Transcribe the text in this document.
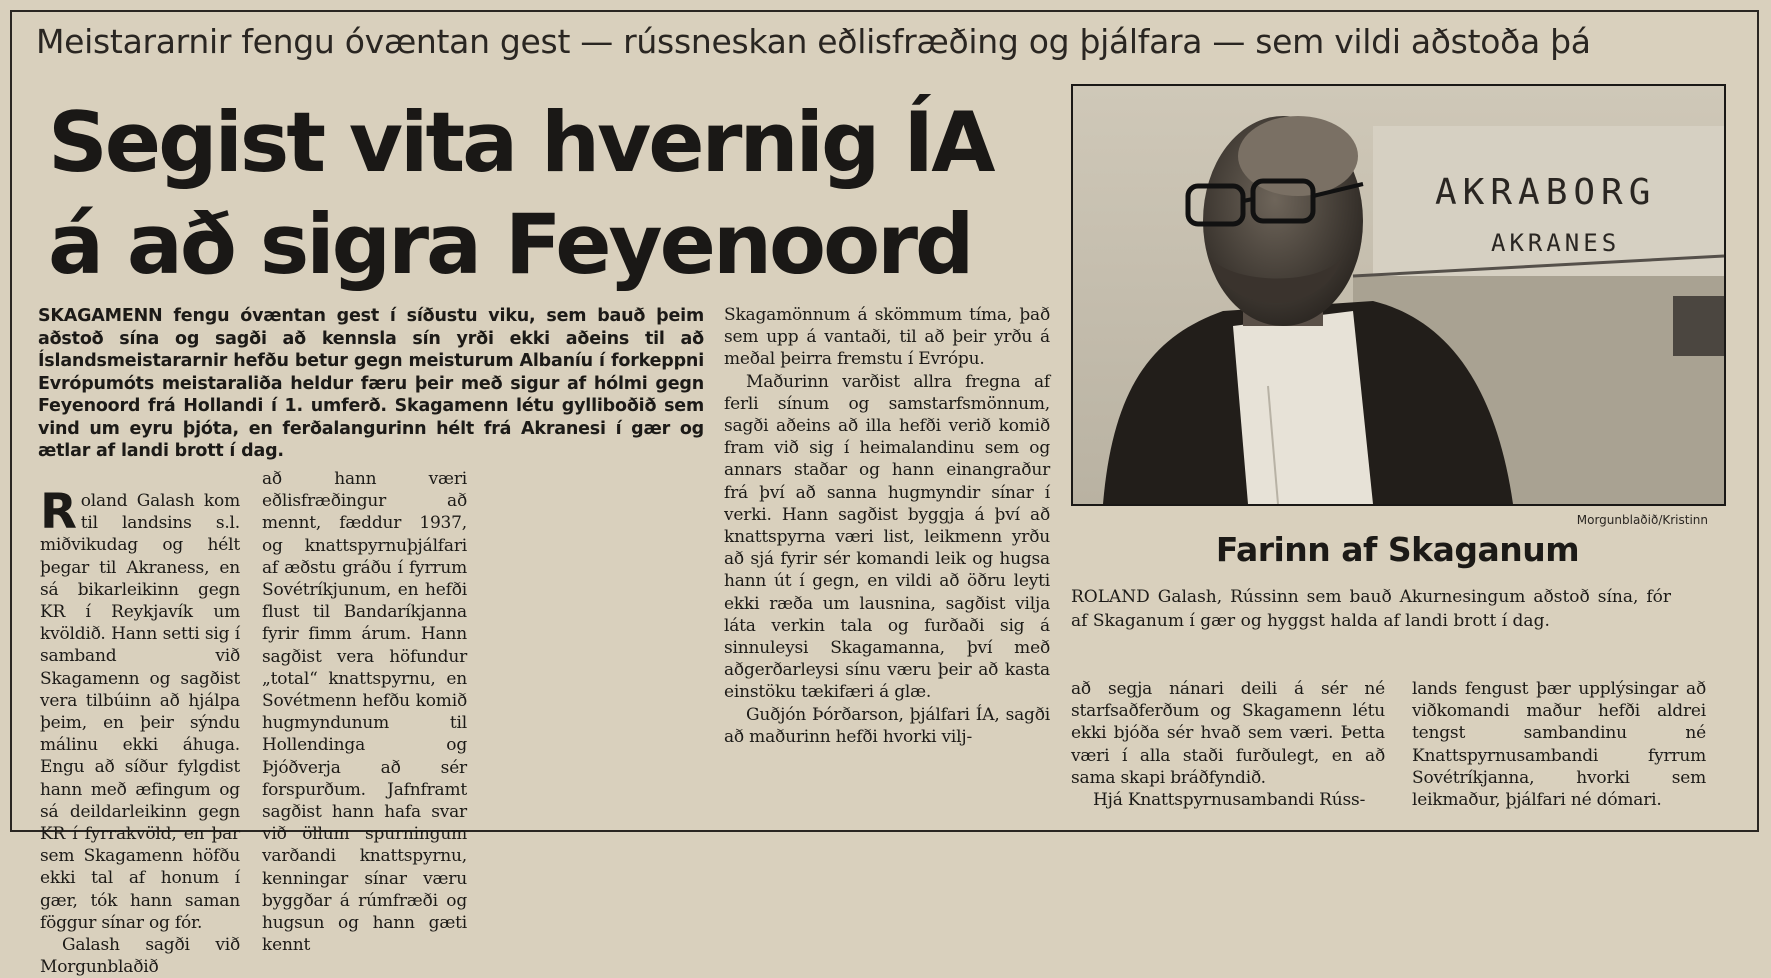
Meistararnir fengu óvæntan gest — rússneskan eðlisfræðing og þjálfara — sem vildi aðstoða þá
Segist vita hvernig ÍA
á að sigra Feyenoord
SKAGAMENN fengu óvæntan gest í síðustu viku, sem bauð þeim aðstoð sína og sagði að kennsla sín yrði ekki aðeins til að Íslandsmeistararnir hefðu betur gegn meisturum Albaníu í forkeppni Evrópumóts meistaraliða heldur færu þeir með sigur af hólmi gegn Feyenoord frá Hollandi í 1. umferð. Skagamenn létu gylliboðið sem vind um eyru þjóta, en ferðalangurinn hélt frá Akranesi í gær og ætlar af landi brott í dag.

Roland Galash kom til landsins s.l. miðvikudag og hélt þegar til Akraness, en sá bikarleikinn gegn KR í Reykjavík um kvöldið. Hann setti sig í samband við Skagamenn og sagðist vera tilbúinn að hjálpa þeim, en þeir sýndu málinu ekki áhuga. Engu að síður fylgdist hann með æfingum og sá deildarleikinn gegn KR í fyrrakvöld, en þar sem Skagamenn höfðu ekki tal af honum í gær, tók hann saman föggur sínar og fór.

Galash sagði við Morgunblaðið

að hann væri eðlisfræðingur að mennt, fæddur 1937, og knattspyrnuþjálfari af æðstu gráðu í fyrrum Sovétríkjunum, en hefði flust til Bandaríkjanna fyrir fimm árum. Hann sagðist vera höfundur „total“ knattspyrnu, en Sovétmenn hefðu komið hugmyndunum til Hollendinga og Þjóðverja að sér forspurðum. Jafnframt sagðist hann hafa svar við öllum spurningum varðandi knattspyrnu, kenningar sínar væru byggðar á rúmfræði og hugsun og hann gæti kennt

Skagamönnum á skömmum tíma, það sem upp á vantaði, til að þeir yrðu á meðal þeirra fremstu í Evrópu.

Maðurinn varðist allra fregna af ferli sínum og samstarfsmönnum, sagði aðeins að illa hefði verið komið fram við sig í heimalandinu sem og annars staðar og hann einangraður frá því að sanna hugmyndir sínar í verki. Hann sagðist byggja á því að knattspyrna væri list, leikmenn yrðu að sjá fyrir sér komandi leik og hugsa hann út í gegn, en vildi að öðru leyti ekki ræða um lausnina, sagðist vilja láta verkin tala og furðaði sig á sinnuleysi Skagamanna, því með aðgerðarleysi sínu væru þeir að kasta einstöku tækifæri á glæ.

Guðjón Þórðarson, þjálfari ÍA, sagði að maðurinn hefði hvorki vilj-

AKRABORG
AKRANES
Morgunblaðið/Kristinn
Farinn af Skaganum
ROLAND Galash, Rússinn sem bauð Akurnesingum aðstoð sína, fór af Skaganum í gær og hyggst halda af landi brott í dag.

að segja nánari deili á sér né starfsaðferðum og Skagamenn létu ekki bjóða sér hvað sem væri. Þetta væri í alla staði furðulegt, en að sama skapi bráðfyndið.

Hjá Knattspyrnusambandi Rúss-

lands fengust þær upplýsingar að viðkomandi maður hefði aldrei tengst sambandinu né Knattspyrnusambandi fyrrum Sovétríkjanna, hvorki sem leikmaður, þjálfari né dómari.
